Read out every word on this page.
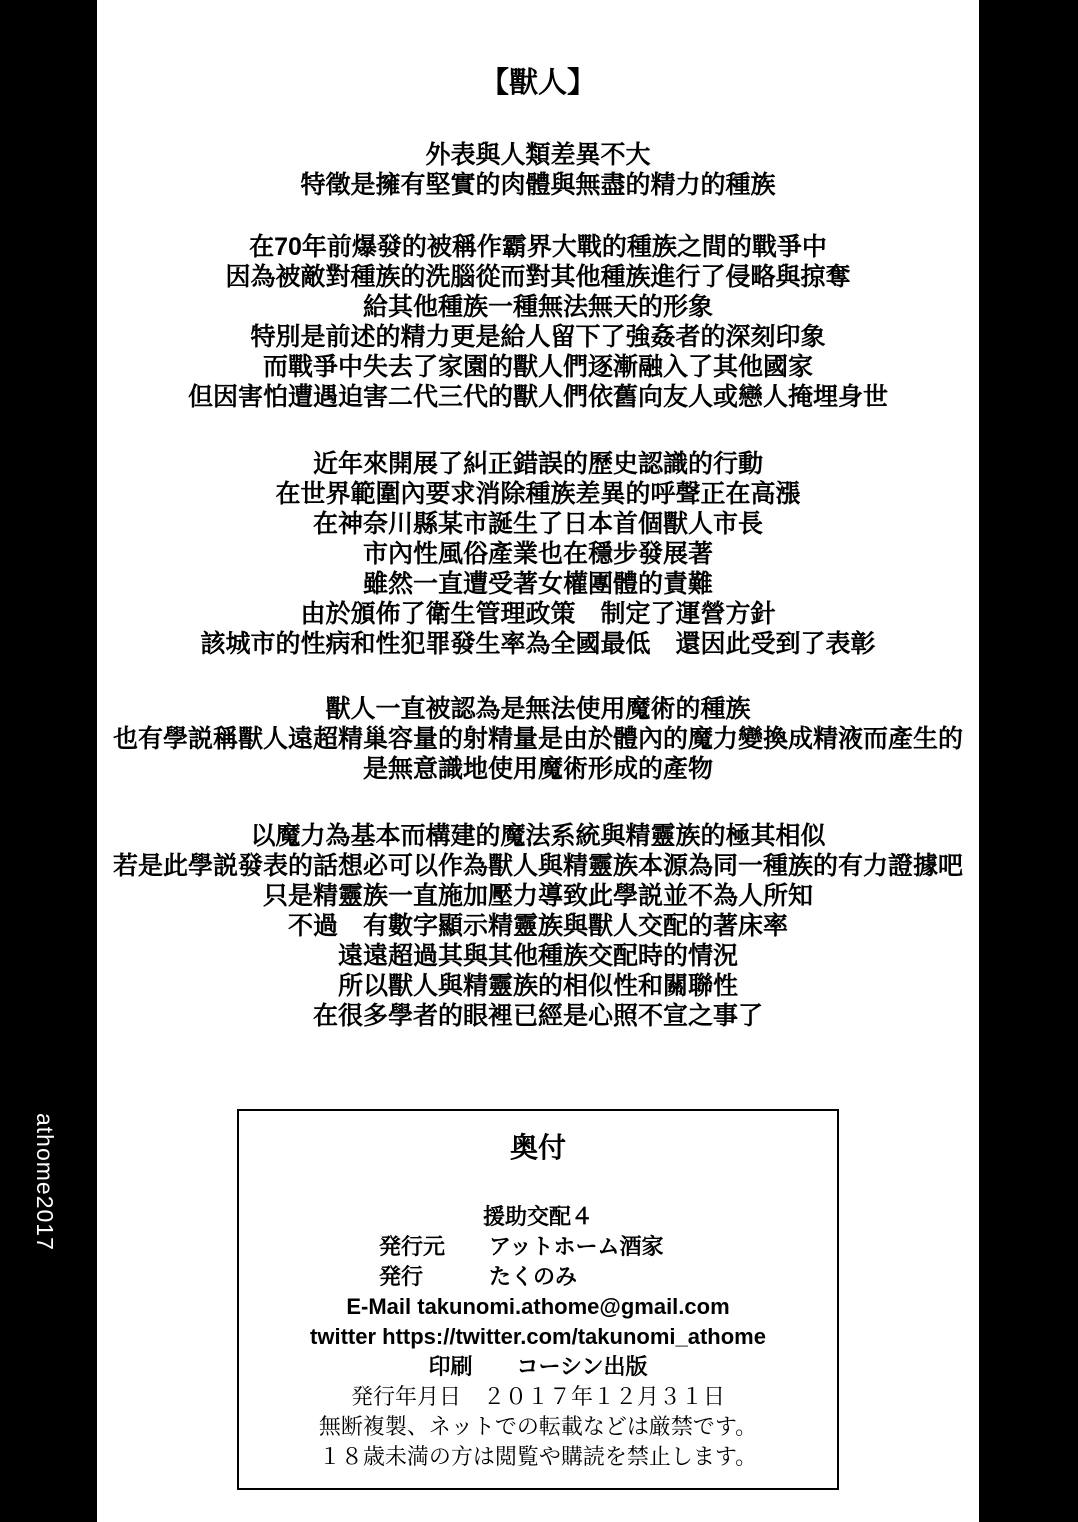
athome2017
【獸人】
外表與人類差異不大
特徵是擁有堅實的肉體與無盡的精力的種族
在70年前爆發的被稱作霸界大戰的種族之間的戰爭中
因為被敵對種族的洗腦從而對其他種族進行了侵略與掠奪
給其他種族一種無法無天的形象
特別是前述的精力更是給人留下了強姦者的深刻印象
而戰爭中失去了家園的獸人們逐漸融入了其他國家
但因害怕遭遇迫害二代三代的獸人們依舊向友人或戀人掩埋身世
近年來開展了糾正錯誤的歷史認識的行動
在世界範圍內要求消除種族差異的呼聲正在高漲
在神奈川縣某市誕生了日本首個獸人市長
市內性風俗產業也在穩步發展著
雖然一直遭受著女權團體的責難
由於頒佈了衛生管理政策　制定了運營方針
該城市的性病和性犯罪發生率為全國最低　還因此受到了表彰
獸人一直被認為是無法使用魔術的種族
也有學説稱獸人遠超精巢容量的射精量是由於體內的魔力變換成精液而產生的
是無意識地使用魔術形成的產物
以魔力為基本而構建的魔法系統與精靈族的極其相似
若是此學説發表的話想必可以作為獸人與精靈族本源為同一種族的有力證據吧
只是精靈族一直施加壓力導致此學説並不為人所知
不過　有數字顯示精靈族與獸人交配的著床率
遠遠超過其與其他種族交配時的情況
所以獸人與精靈族的相似性和關聯性
在很多學者的眼裡已經是心照不宣之事了
奥付
援助交配４
発行元　　アットホーム酒家
発行　　　たくのみ
E-Mail takunomi.athome@gmail.com
twitter https://twitter.com/takunomi_athome
印刷　　コーシン出版
発行年月日　２０１７年１２月３１日
無断複製、ネットでの転載などは厳禁です。
１８歳未満の方は閲覧や購読を禁止します。
